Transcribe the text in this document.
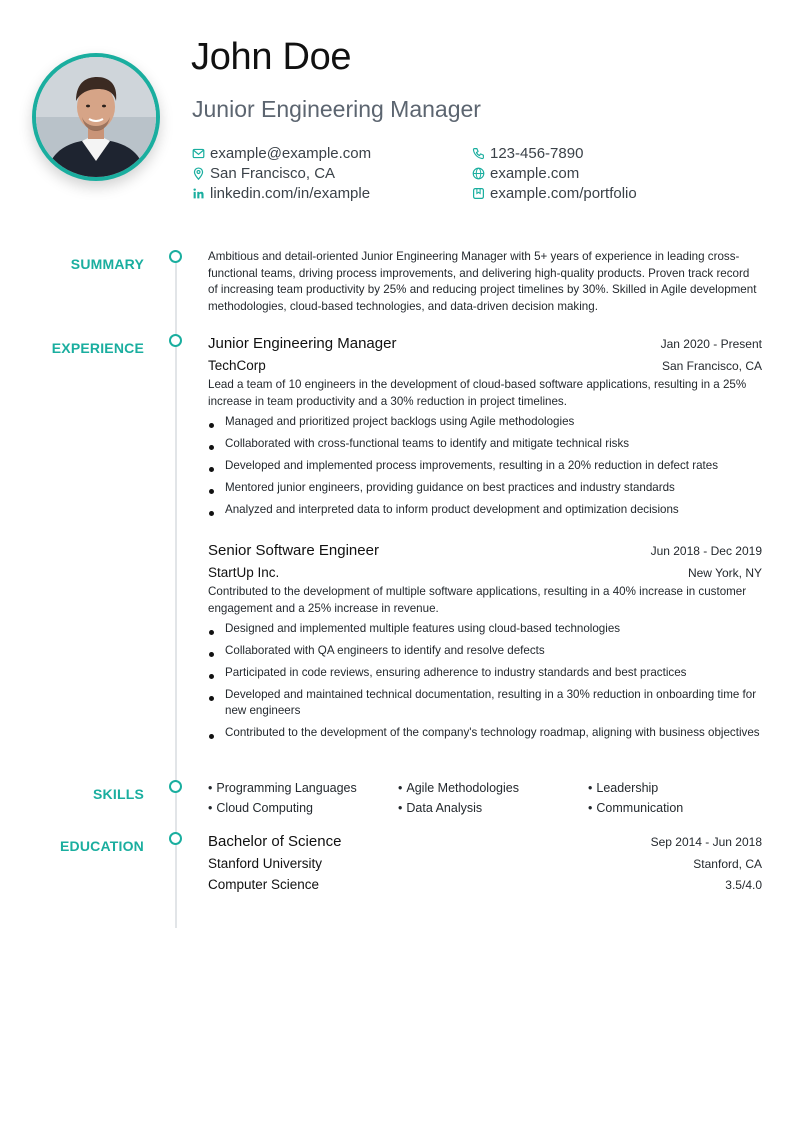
John Doe
Junior Engineering Manager
example@example.com	123-456-7890
San Francisco, CA	example.com
linkedin.com/in/example	example.com/portfolio
SUMMARY	Ambitious and detail-oriented Junior Engineering Manager with 5+ years of experience in leading cross-functional teams, driving process improvements, and delivering high-quality products. Proven track record of increasing team productivity by 25% and reducing project timelines by 30%. Skilled in Agile development methodologies, cloud-based technologies, and data-driven decision making.
EXPERIENCE	Junior Engineering Manager	Jan 2020 - Present
TechCorp	San Francisco, CA
Lead a team of 10 engineers in the development of cloud-based software applications, resulting in a 25% increase in team productivity and a 30% reduction in project timelines.
Managed and prioritized project backlogs using Agile methodologies
Collaborated with cross-functional teams to identify and mitigate technical risks
Developed and implemented process improvements, resulting in a 20% reduction in defect rates
Mentored junior engineers, providing guidance on best practices and industry standards
Analyzed and interpreted data to inform product development and optimization decisions
Senior Software Engineer	Jun 2018 - Dec 2019
StartUp Inc.	New York, NY
Contributed to the development of multiple software applications, resulting in a 40% increase in customer engagement and a 25% increase in revenue.
Designed and implemented multiple features using cloud-based technologies
Collaborated with QA engineers to identify and resolve defects
Participated in code reviews, ensuring adherence to industry standards and best practices
Developed and maintained technical documentation, resulting in a 30% reduction in onboarding time for new engineers
Contributed to the development of the company's technology roadmap, aligning with business objectives
SKILLS	• Programming Languages	• Agile Methodologies	• Leadership
• Cloud Computing	• Data Analysis	• Communication
EDUCATION	Bachelor of Science	Sep 2014 - Jun 2018
Stanford University	Stanford, CA
Computer Science	3.5/4.0
